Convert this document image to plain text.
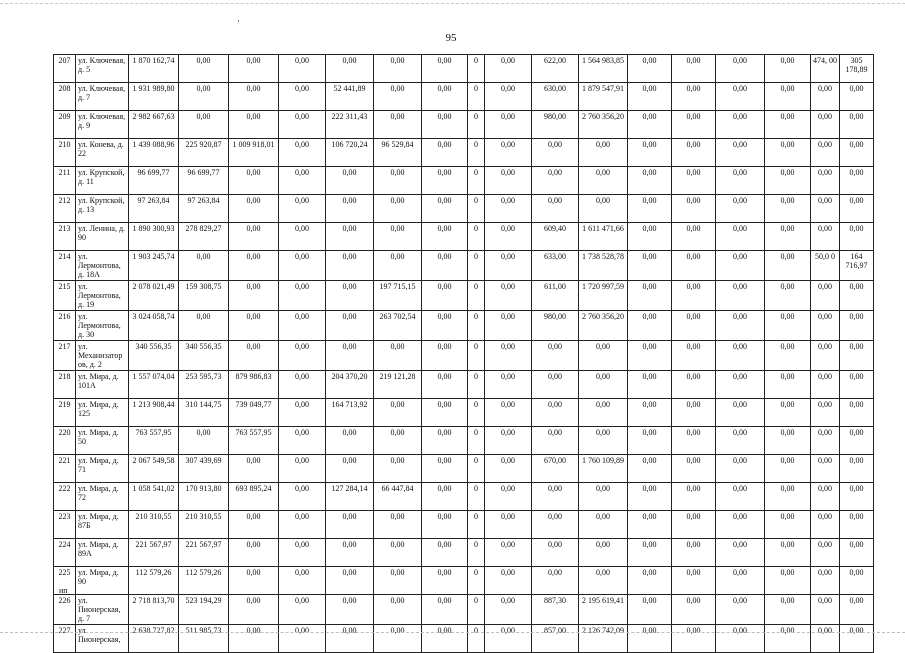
95
207	ул. Ключевая, д. 5	1 870 162,74	0,00	0,00	0,00	0,00	0,00	0,00	0	0,00	622,00	1 564 983,85	0,00	0,00	0,00	0,00	474, 00	305 178,89
208	ул. Ключевая, д. 7	1 931 989,80	0,00	0,00	0,00	52 441,89	0,00	0,00	0	0,00	630,00	1 879 547,91	0,00	0,00	0,00	0,00	0,00	0,00
209	ул. Ключевая, д. 9	2 982 667,63	0,00	0,00	0,00	222 311,43	0,00	0,00	0	0,00	980,00	2 760 356,20	0,00	0,00	0,00	0,00	0,00	0,00
210	ул. Конева, д. 22	1 439 088,96	225 920,87	1 009 918,01	0,00	106 720,24	96 529,84	0,00	0	0,00	0,00	0,00	0,00	0,00	0,00	0,00	0,00	0,00
211	ул. Крупской, д. 11	96 699,77	96 699,77	0,00	0,00	0,00	0,00	0,00	0	0,00	0,00	0,00	0,00	0,00	0,00	0,00	0,00	0,00
212	ул. Крупской, д. 13	97 263,84	97 263,84	0,00	0,00	0,00	0,00	0,00	0	0,00	0,00	0,00	0,00	0,00	0,00	0,00	0,00	0,00
213	ул. Ленина, д. 90	1 890 300,93	278 829,27	0,00	0,00	0,00	0,00	0,00	0	0,00	609,40	1 611 471,66	0,00	0,00	0,00	0,00	0,00	0,00
214	ул. Лермонтова, д. 18А	1 903 245,74	0,00	0,00	0,00	0,00	0,00	0,00	0	0,00	633,00	1 738 528,78	0,00	0,00	0,00	0,00	50,0 0	164 716,97
215	ул. Лермонтова, д. 19	2 078 021,49	159 308,75	0,00	0,00	0,00	197 715,15	0,00	0	0,00	611,00	1 720 997,59	0,00	0,00	0,00	0,00	0,00	0,00
216	ул. Лермонтова, д. 30	3 024 058,74	0,00	0,00	0,00	0,00	263 702,54	0,00	0	0,00	980,00	2 760 356,20	0,00	0,00	0,00	0,00	0,00	0,00
217	ул. Механизатор ов, д. 2	340 556,35	340 556,35	0,00	0,00	0,00	0,00	0,00	0	0,00	0,00	0,00	0,00	0,00	0,00	0,00	0,00	0,00
218	ул. Мира, д. 101А	1 557 074,04	253 595,73	879 986,83	0,00	204 370,20	219 121,28	0,00	0	0,00	0,00	0,00	0,00	0,00	0,00	0,00	0,00	0,00
219	ул. Мира, д. 125	1 213 908,44	310 144,75	739 049,77	0,00	164 713,92	0,00	0,00	0	0,00	0,00	0,00	0,00	0,00	0,00	0,00	0,00	0,00
220	ул. Мира, д. 50	763 557,95	0,00	763 557,95	0,00	0,00	0,00	0,00	0	0,00	0,00	0,00	0,00	0,00	0,00	0,00	0,00	0,00
221	ул. Мира, д. 71	2 067 549,58	307 439,69	0,00	0,00	0,00	0,00	0,00	0	0,00	670,00	1 760 109,89	0,00	0,00	0,00	0,00	0,00	0,00
222	ул. Мира, д. 72	1 058 541,02	170 913,80	693 895,24	0,00	127 284,14	66 447,84	0,00	0	0,00	0,00	0,00	0,00	0,00	0,00	0,00	0,00	0,00
223	ул. Мира, д. 87Б	210 310,55	210 310,55	0,00	0,00	0,00	0,00	0,00	0	0,00	0,00	0,00	0,00	0,00	0,00	0,00	0,00	0,00
224	ул. Мира, д. 89А	221 567,97	221 567,97	0,00	0,00	0,00	0,00	0,00	0	0,00	0,00	0,00	0,00	0,00	0,00	0,00	0,00	0,00
225	ул. Мира, д. 90	112 579,26	112 579,26	0,00	0,00	0,00	0,00	0,00	0	0,00	0,00	0,00	0,00	0,00	0,00	0,00	0,00	0,00
226	ул. Пионерская, д. 7	2 718 813,70	523 194,29	0,00	0,00	0,00	0,00	0,00	0	0,00	887,30	2 195 619,41	0,00	0,00	0,00	0,00	0,00	0,00
227	ул. Пионерская,	2 638 727,82	511 985,73	0,00	0,00	0,00	0,00	0,00	0	0,00	857,00	2 126 742,09	0,00	0,00	0,00	0,00	0,00	0,00
ип
